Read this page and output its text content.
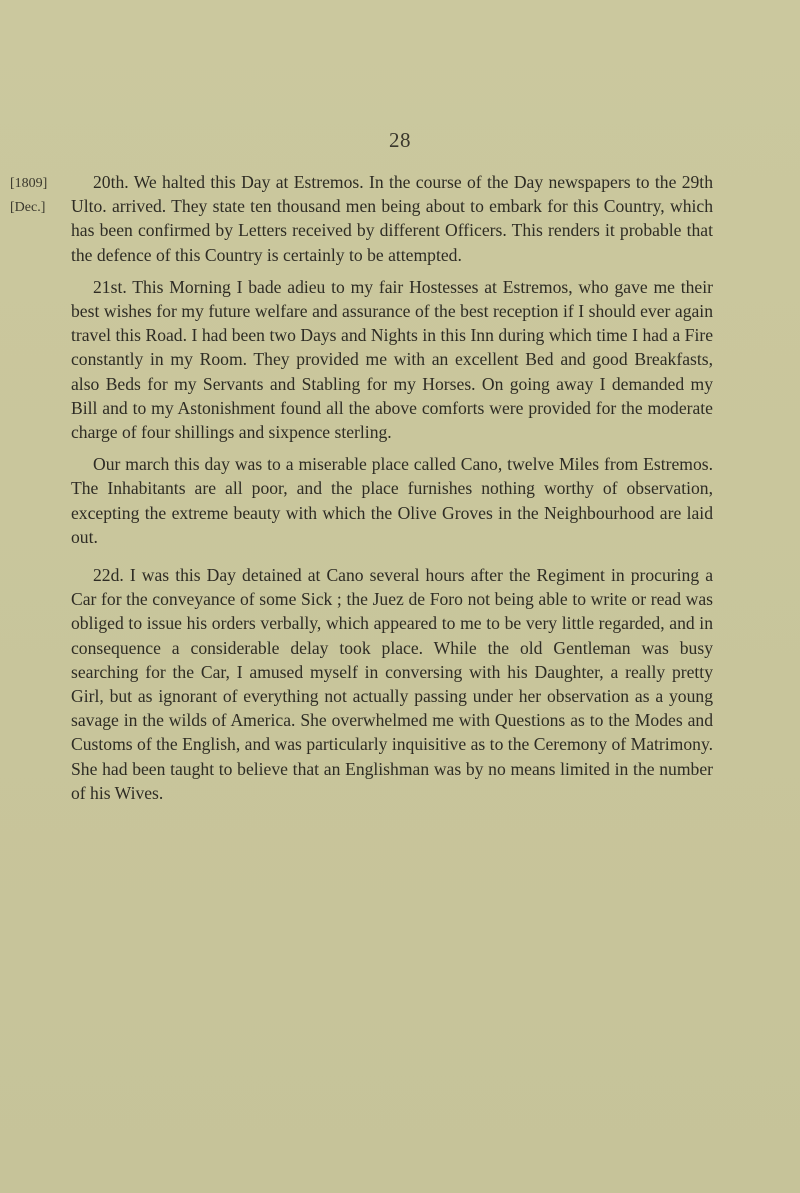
28
[1809]
[Dec.]

20th. We halted this Day at Estremos. In the course of the Day newspapers to the 29th Ulto. arrived. They state ten thousand men being about to embark for this Country, which has been confirmed by Letters received by different Officers. This renders it probable that the defence of this Country is certainly to be attempted.

21st. This Morning I bade adieu to my fair Hostesses at Estremos, who gave me their best wishes for my future welfare and assurance of the best reception if I should ever again travel this Road. I had been two Days and Nights in this Inn during which time I had a Fire constantly in my Room. They provided me with an excellent Bed and good Breakfasts, also Beds for my Servants and Stabling for my Horses. On going away I demanded my Bill and to my Astonishment found all the above comforts were provided for the moderate charge of four shillings and sixpence sterling.

Our march this day was to a miserable place called Cano, twelve Miles from Estremos. The Inhabitants are all poor, and the place furnishes nothing worthy of observation, excepting the extreme beauty with which the Olive Groves in the Neighbourhood are laid out.

22d. I was this Day detained at Cano several hours after the Regiment in procuring a Car for the conveyance of some Sick ; the Juez de Foro not being able to write or read was obliged to issue his orders verbally, which appeared to me to be very little regarded, and in consequence a considerable delay took place. While the old Gentleman was busy searching for the Car, I amused myself in conversing with his Daughter, a really pretty Girl, but as ignorant of everything not actually passing under her observation as a young savage in the wilds of America. She overwhelmed me with Questions as to the Modes and Customs of the English, and was particularly inquisitive as to the Ceremony of Matrimony. She had been taught to believe that an Englishman was by no means limited in the number of his Wives.
